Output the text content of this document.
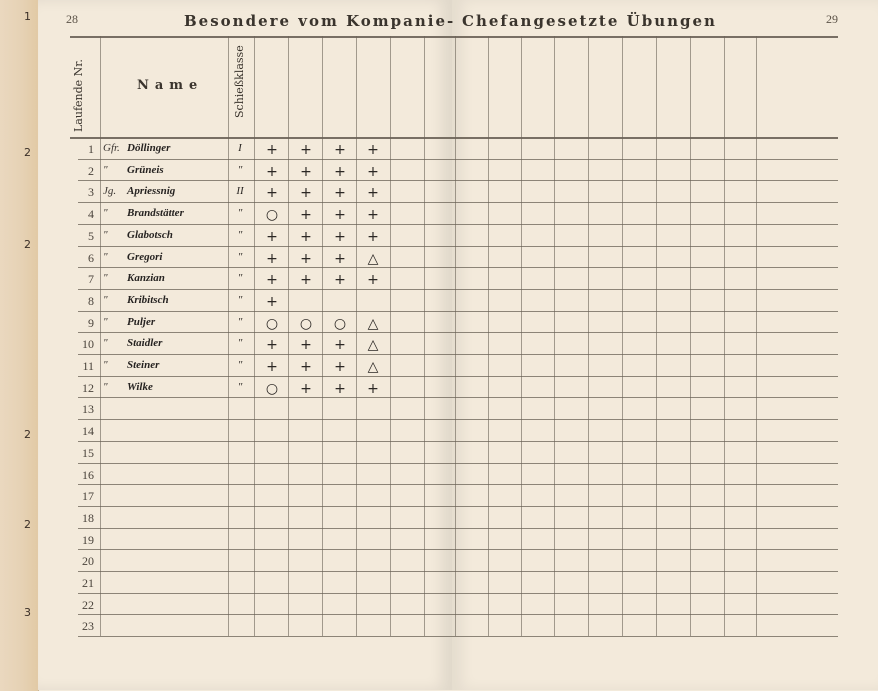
1
2
2
2
2
3
28	29
Besondere vom Kompanie- Chefangesetzte Übungen
Laufende Nr.	Name	Schießklasse
1 Gfr. Döllinger	I	+ + + +
2 " Grüneis	"	+ + + +
3 Jg. Apriessnig	II	+ + + +
4 " Brandstätter	"	○ + + +
5 " Glabotsch	"	+ + + +
6 " Gregori	"	+ + + △
7 " Kanzian	"	+ + + +
8 " Kribitsch	"	+
9 " Puljer	"	○ ○ ○ △
10 " Staidler	"	+ + + △
11 " Steiner	"	+ + + △
12 " Wilke	"	○ + + +
13
14
15
16
17
18
19
20
21
22
23
